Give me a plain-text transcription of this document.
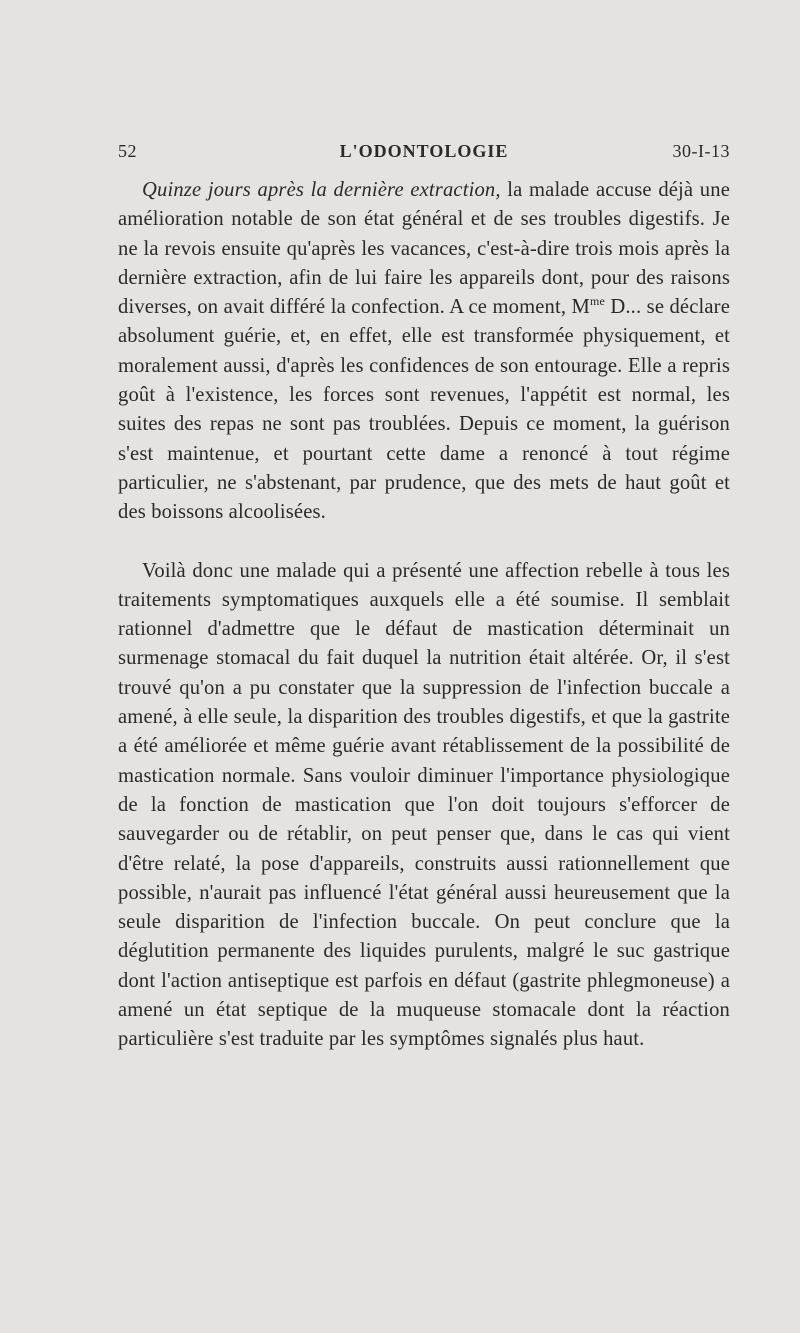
52	L'ODONTOLOGIE	30-I-13

Quinze jours après la dernière extraction, la malade accuse déjà une amélioration notable de son état général et de ses troubles digestifs. Je ne la revois ensuite qu'après les vacances, c'est-à-dire trois mois après la dernière extraction, afin de lui faire les appareils dont, pour des raisons diverses, on avait différé la confection. A ce moment, $M^{me}$ D... se déclare absolument guérie, et, en effet, elle est transformée physiquement, et moralement aussi, d'après les confidences de son entourage. Elle a repris goût à l'existence, les forces sont revenues, l'appétit est normal, les suites des repas ne sont pas troublées. Depuis ce moment, la guérison s'est maintenue, et pourtant cette dame a renoncé à tout régime particulier, ne s'abstenant, par prudence, que des mets de haut goût et des boissons alcoolisées.

Voilà donc une malade qui a présenté une affection rebelle à tous les traitements symptomatiques auxquels elle a été soumise. Il semblait rationnel d'admettre que le défaut de mastication déterminait un surmenage stomacal du fait duquel la nutrition était altérée. Or, il s'est trouvé qu'on a pu constater que la suppression de l'infection buccale a amené, à elle seule, la disparition des troubles digestifs, et que la gastrite a été améliorée et même guérie avant rétablissement de la possibilité de mastication normale. Sans vouloir diminuer l'importance physiologique de la fonction de mastication que l'on doit toujours s'efforcer de sauvegarder ou de rétablir, on peut penser que, dans le cas qui vient d'être relaté, la pose d'appareils, construits aussi rationnellement que possible, n'aurait pas influencé l'état général aussi heureusement que la seule disparition de l'infection buccale. On peut conclure que la déglutition permanente des liquides purulents, malgré le suc gastrique dont l'action antiseptique est parfois en défaut (gastrite phlegmoneuse) a amené un état septique de la muqueuse stomacale dont la réaction particulière s'est traduite par les symptômes signalés plus haut.
